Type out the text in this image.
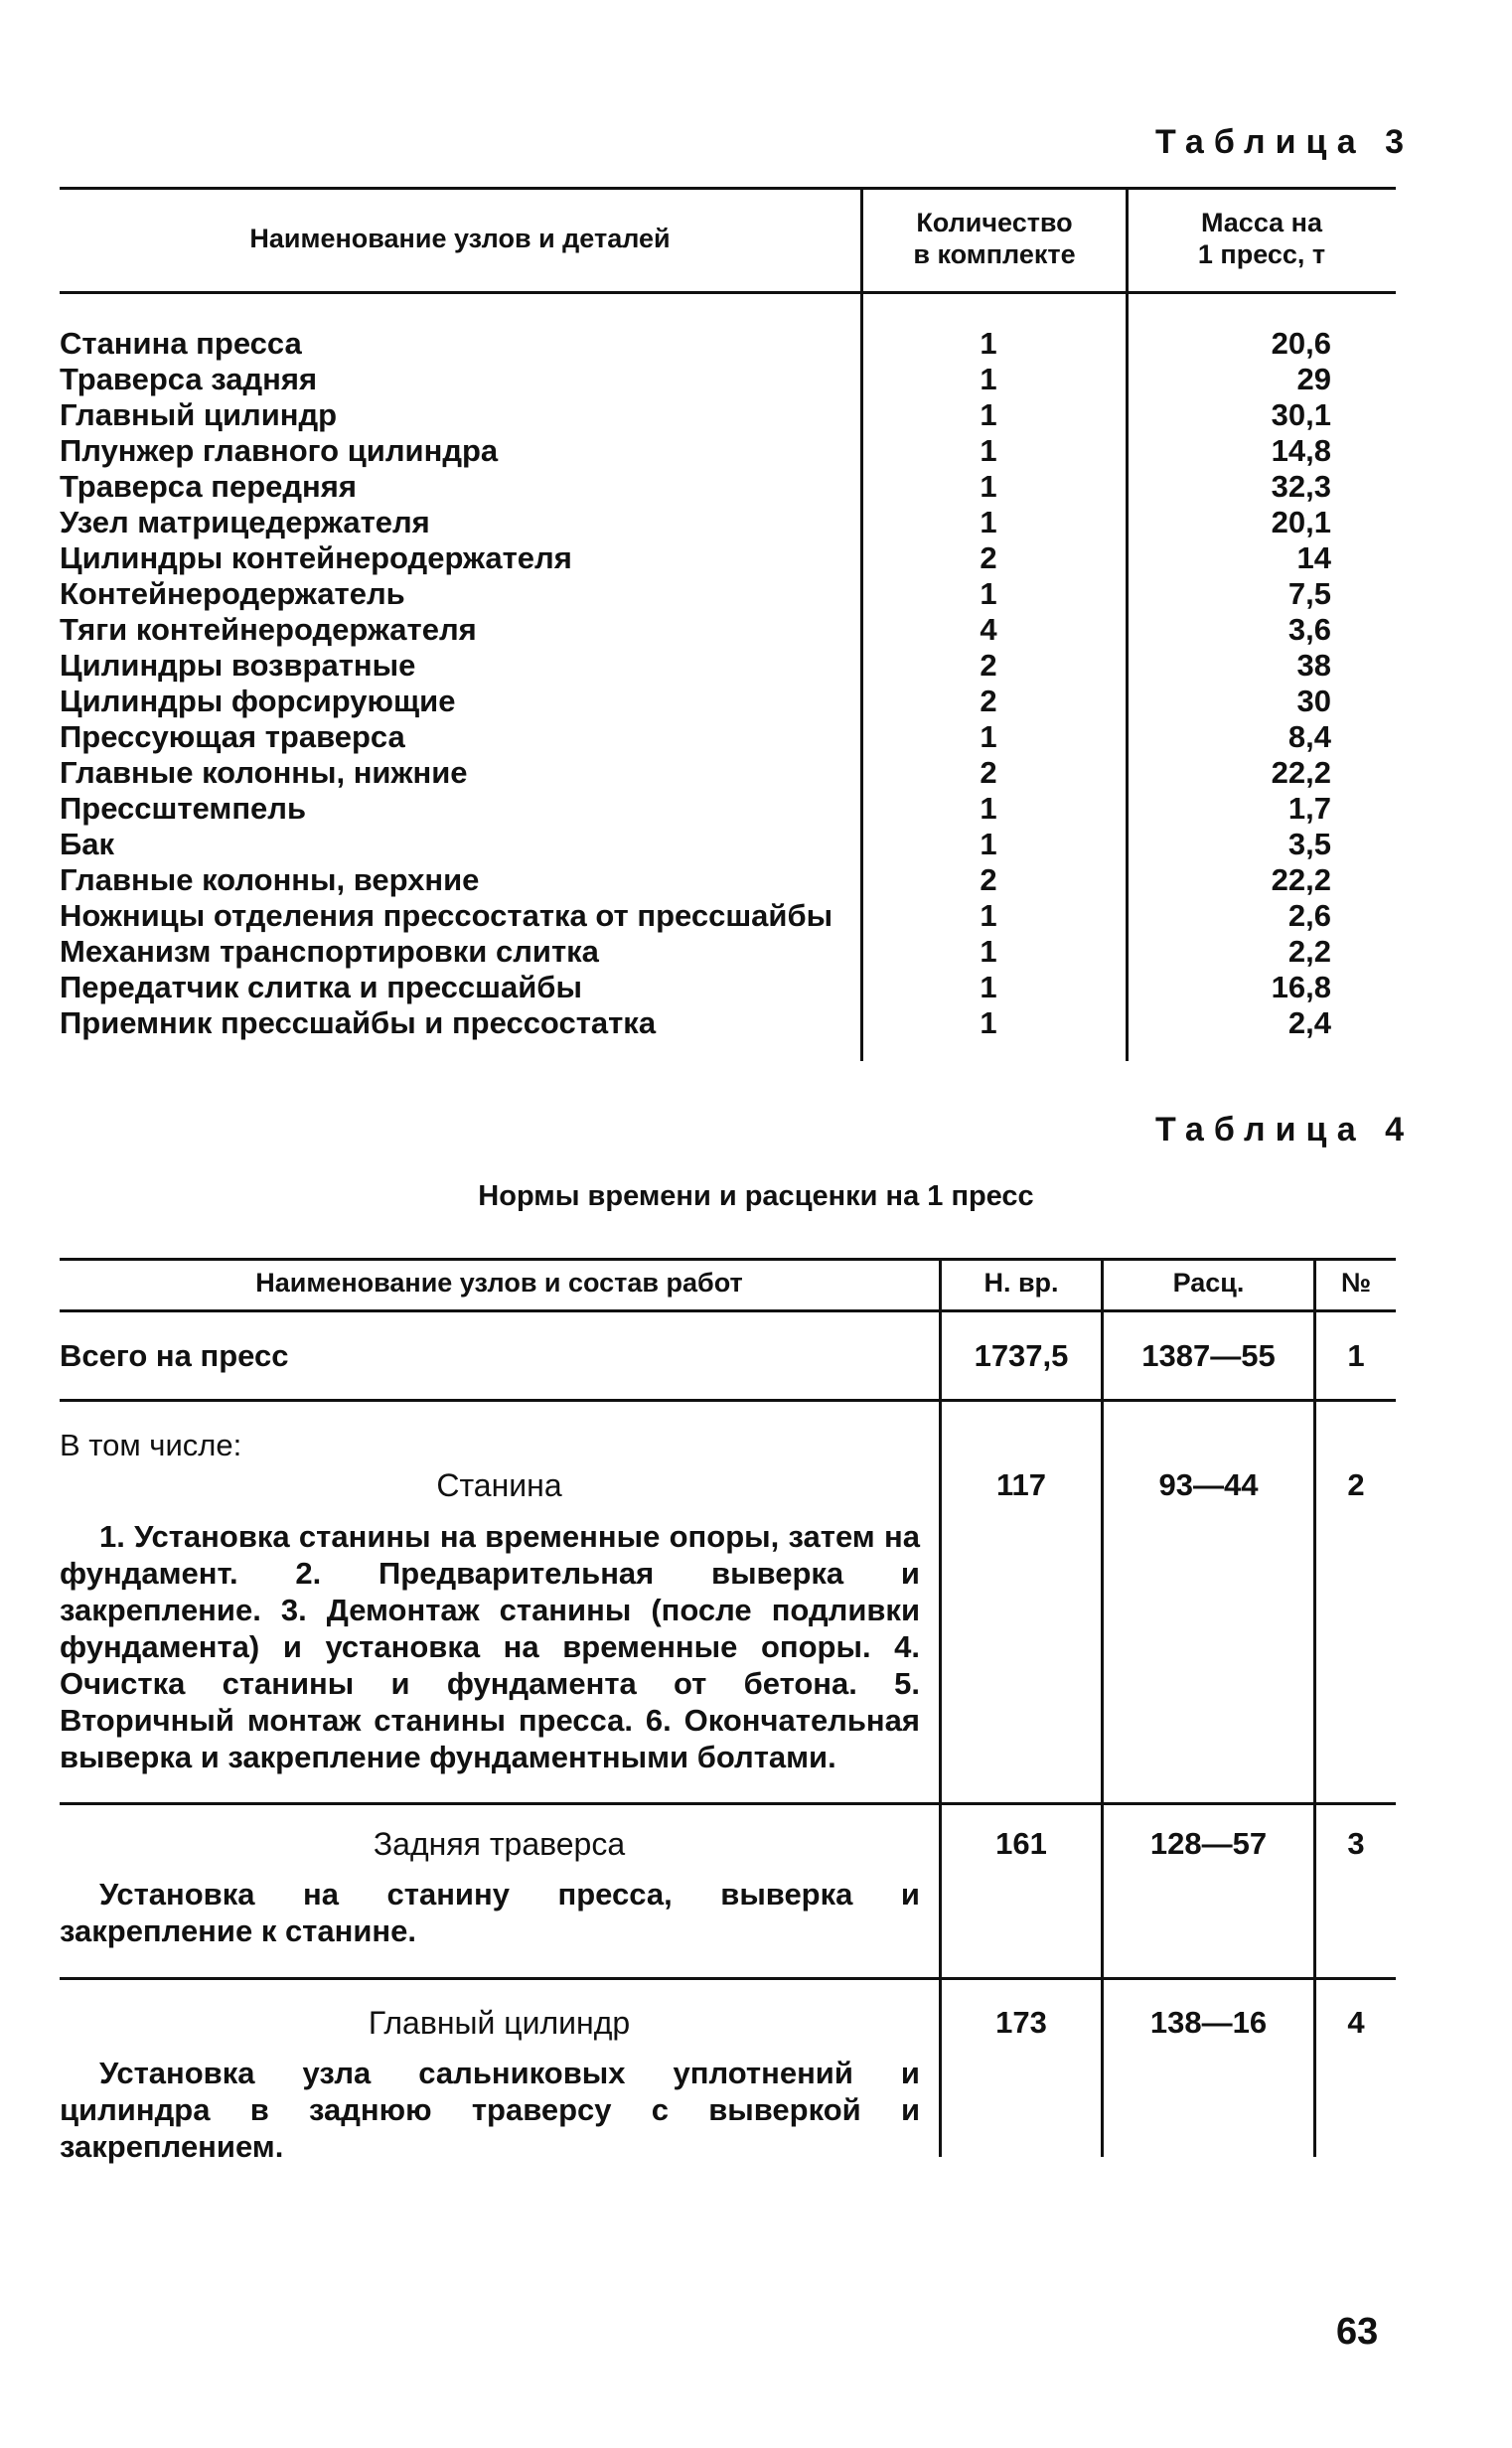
Таблица 3
Наименование узлов и деталей
Количество
в комплекте
Масса на
1 пресс, т
Станина пресса	1	20,6
Траверса задняя	1	29
Главный цилиндр	1	30,1
Плунжер главного цилиндра	1	14,8
Траверса передняя	1	32,3
Узел матрицедержателя	1	20,1
Цилиндры контейнеродержателя	2	14
Контейнеродержатель	1	7,5
Тяги контейнеродержателя	4	3,6
Цилиндры возвратные	2	38
Цилиндры форсирующие	2	30
Прессующая траверса	1	8,4
Главные колонны, нижние	2	22,2
Прессштемпель	1	1,7
Бак	1	3,5
Главные колонны, верхние	2	22,2
Ножницы отделения прессостатка от прессшайбы	1	2,6
Механизм транспортировки слитка	1	2,2
Передатчик слитка и прессшайбы	1	16,8
Приемник прессшайбы и прессостатка	1	2,4
Таблица 4
Нормы времени и расценки на 1 пресс
Наименование узлов и состав работ	Н. вр.	Расц.	№
Всего на пресс	1737,5	1387—55	1
В том числе:
Станина
1. Установка станины на временные опоры, затем на фундамент. 2. Предварительная выверка и закрепление. 3. Демонтаж станины (после подливки фундамента) и установка на временные опоры. 4. Очистка станины и фундамента от бетона. 5. Вторичный монтаж станины пресса. 6. Окончательная выверка и закрепление фундаментными болтами.
117	93—44	2
Задняя траверса
Установка на станину пресса, выверка и закрепление к станине.
161	128—57	3
Главный цилиндр
Установка узла сальниковых уплотнений и цилиндра в заднюю траверсу с выверкой и закреплением.
173	138—16	4
63
